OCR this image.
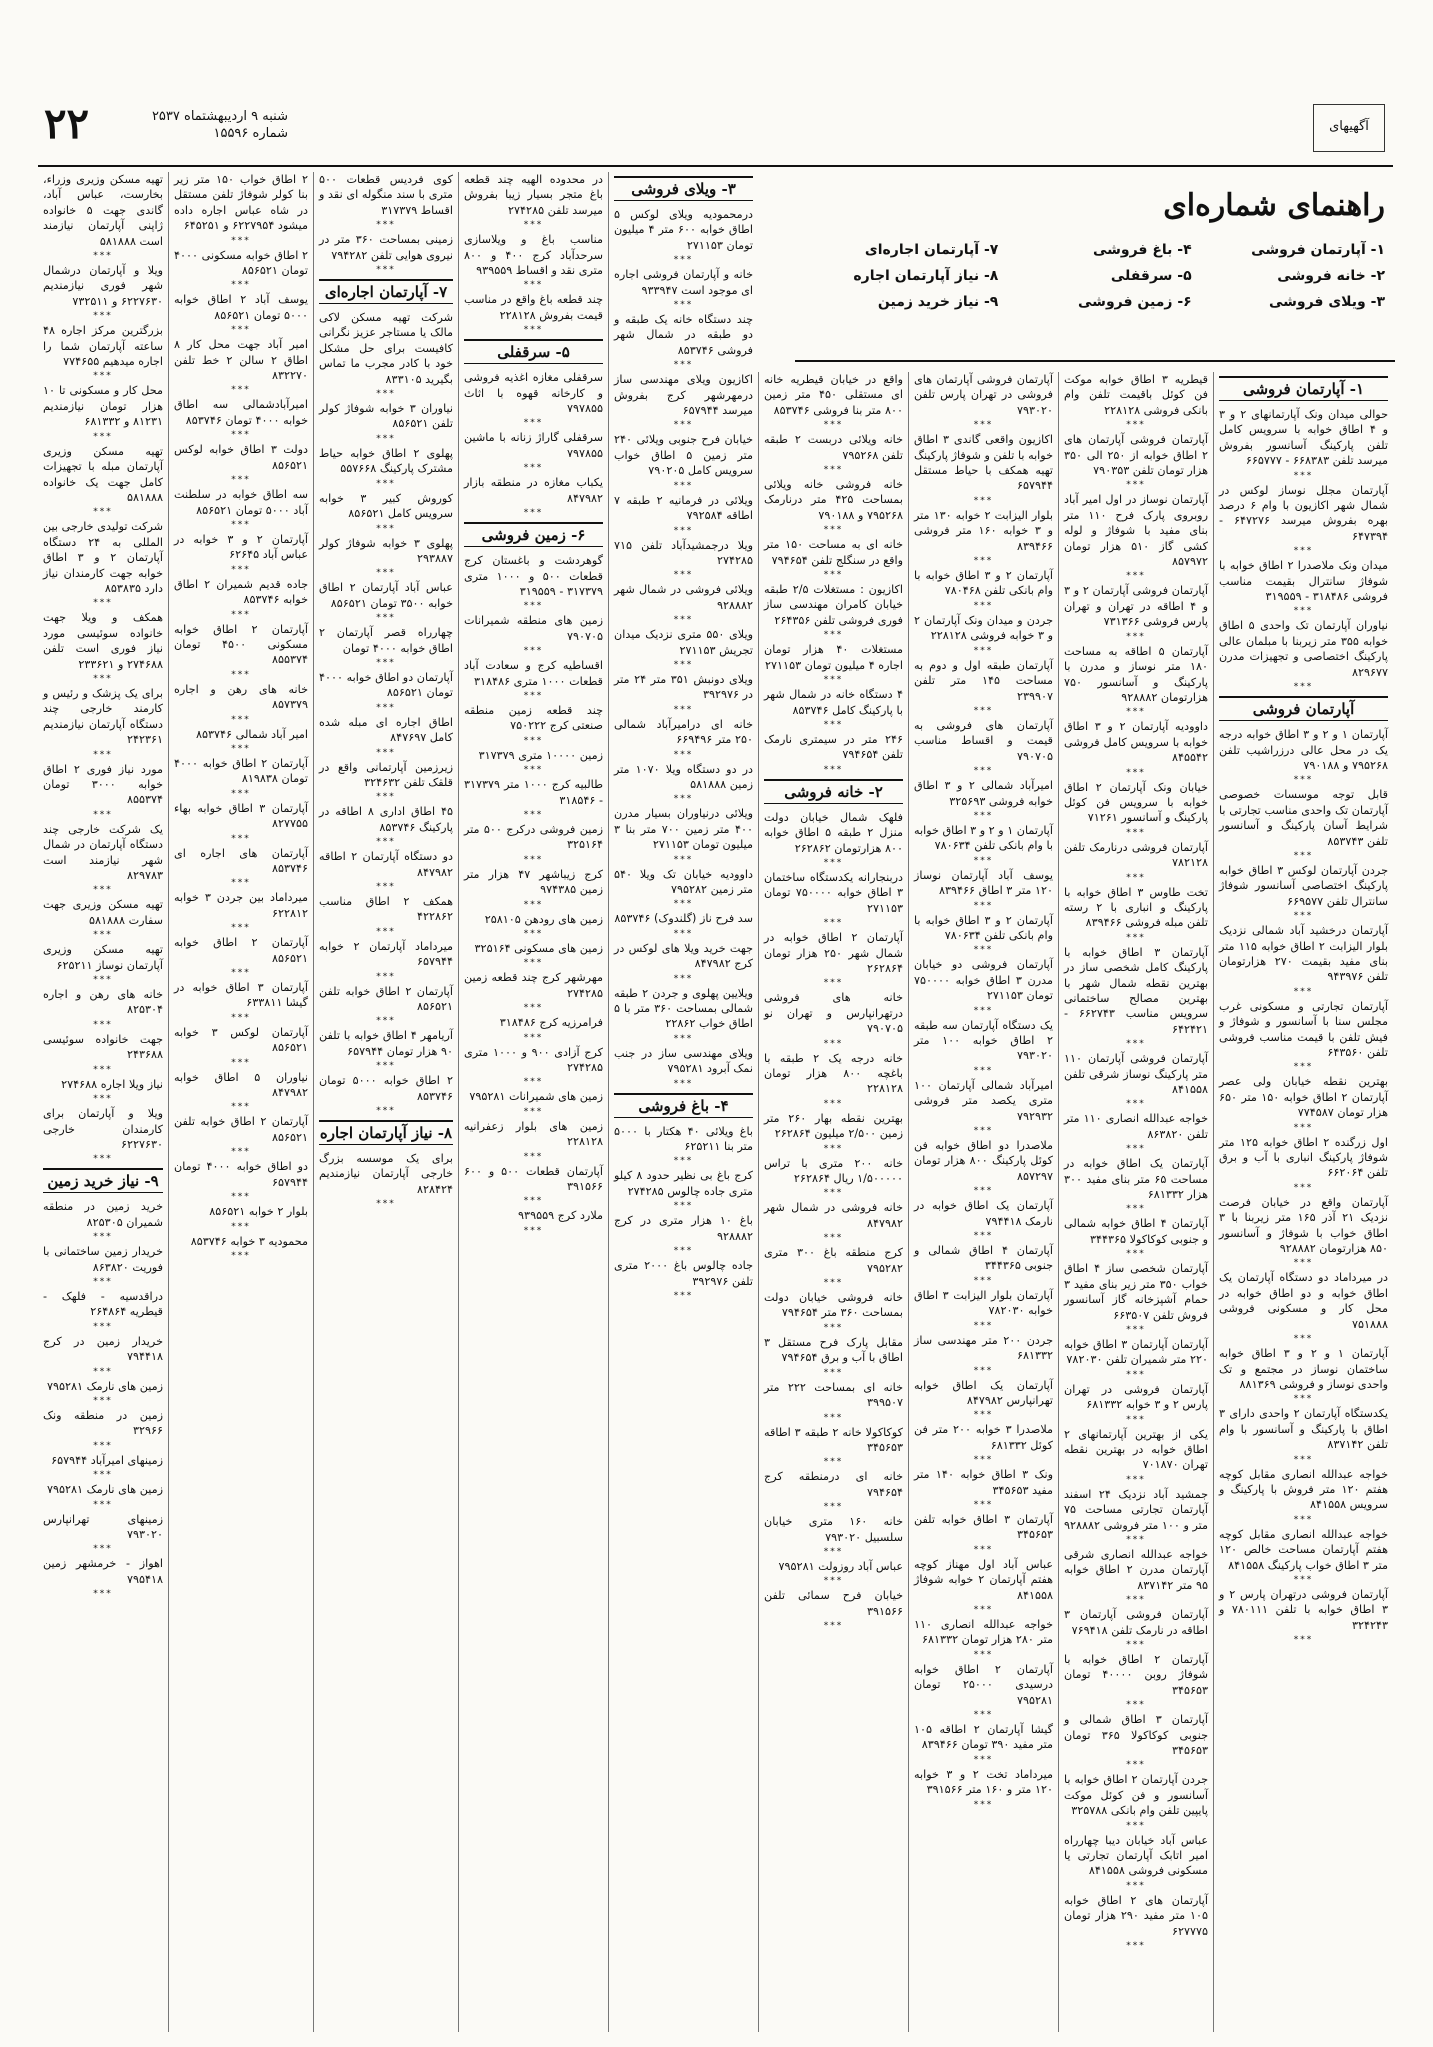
آگهیهای
۲۲	شنبه ۹ اردیبهشتماه ۲۵۳۷
شماره ۱۵۵۹۶
۱- آپارتمان فروشی
حوالی میدان ونک آپارتمانهای ۲ و ۳ و ۴ اطاق خوابه با سرویس کامل تلفن پارکینگ آسانسور بفروش میرسد تلفن ۶۶۸۳۸۳ - ۶۶۵۷۷۷
***
آپارتمان مجلل نوساز لوکس در شمال شهر اکازیون با وام ۶ درصد بهره بفروش میرسد ۶۴۷۲۷۶ - ۶۴۷۳۹۴
***
میدان ونک ملاصدرا ۲ اطاق خوابه با شوفاژ سانترال بقیمت مناسب فروشی ۳۱۸۴۸۶ - ۳۱۹۵۵۹
***
نیاوران آپارتمان تک واحدی ۵ اطاق خوابه ۳۵۵ متر زیربنا با مبلمان عالی پارکینگ اختصاصی و تجهیزات مدرن ۸۲۹۶۷۷
***
آپارتمان فروشی
آپارتمان ۱ و ۲ و ۳ اطاق خوابه درجه یک در محل عالی درزراشیب تلفن ۷۹۵۲۶۸ و ۷۹۰۱۸۸
***
قابل توجه موسسات خصوصی آپارتمان تک واحدی مناسب تجارتی با شرایط آسان پارکینگ و آسانسور تلفن ۸۵۳۷۴۳
***
جردن آپارتمان لوکس ۳ اطاق خوابه پارکینگ اختصاصی آسانسور شوفاژ سانترال تلفن ۶۶۹۵۷۷
***
آپارتمان درخشید آباد شمالی نزدیک بلوار الیزابت ۲ اطاق خوابه ۱۱۵ متر بنای مفید بقیمت ۲۷۰ هزارتومان تلفن ۹۴۳۹۷۶
***
آپارتمان تجارتی و مسکونی غرب مجلس سنا با آسانسور و شوفاژ و فیش تلفن با قیمت مناسب فروشی تلفن ۶۴۳۵۶۰
***
بهترین نقطه خیابان ولی عصر آپارتمان ۲ اطاق خوابه ۱۵۰ متر ۶۵۰ هزار تومان ۷۷۴۵۸۷
***
اول زرگنده ۲ اطاق خوابه ۱۲۵ متر شوفاژ پارکینگ انباری با آب و برق تلفن ۶۶۲۰۶۴
***
آپارتمان واقع در خیابان فرصت نزدیک ۲۱ آذر ۱۶۵ متر زیربنا با ۳ اطاق خواب با شوفاژ و آسانسور ۸۵۰ هزارتومان ۹۲۸۸۸۲
***
در میرداماد دو دستگاه آپارتمان یک اطاق خوابه و دو اطاق خوابه در محل کار و مسکونی فروشی ۷۵۱۸۸۸
***
آپارتمان ۱ و ۲ و ۳ اطاق خوابه ساختمان نوساز در مجتمع و تک واحدی نوساز و فروشی ۸۸۱۳۶۹
***
یکدستگاه آپارتمان ۲ واحدی دارای ۳ اطاق با پارکینگ و آسانسور با وام تلفن ۸۳۷۱۴۲
***
خواجه عبدالله انصاری مقابل کوچه هفتم ۱۲۰ متر فروش با پارکینگ و سرویس ۸۴۱۵۵۸
***
خواجه عبدالله انصاری مقابل کوچه هفتم آپارتمان مساحت خالص ۱۲۰ متر ۳ اطاق خواب پارکینگ ۸۴۱۵۵۸
***
آپارتمان فروشی درتهران پارس ۲ و ۳ اطاق خوابه با تلفن ۷۸۰۱۱۱ و ۳۲۴۲۴۳
***
قیطریه ۳ اطاق خوابه موکت فن کوئل باقیمت تلفن وام بانکی فروشی ۲۲۸۱۲۸
***
آپارتمان فروشی آپارتمان های ۲ اطاق خوابه از ۲۵۰ الی ۳۵۰ هزار تومان تلفن ۷۹۰۳۵۳
***
آپارتمان نوساز در اول امیر آباد روبروی پارک فرح ۱۱۰ متر بنای مفید با شوفاژ و لوله کشی گاز ۵۱۰ هزار تومان ۸۵۷۹۷۲
***
آپارتمان فروشی آپارتمان ۲ و ۳ و ۴ اطاقه در تهران و تهران پارس فروشی ۷۳۱۳۶۶
***
آپارتمان ۵ اطاقه به مساحت ۱۸۰ متر نوساز و مدرن با پارکینگ و آسانسور ۷۵۰ هزارتومان ۹۲۸۸۸۲
***
داوودیه آپارتمان ۲ و ۳ اطاق خوابه با سرویس کامل فروشی ۸۴۵۵۴۲
***
خیابان ونک آپارتمان ۲ اطاق خوابه با سرویس فن کوئل پارکینگ و آسانسور ۷۱۲۶۱
***
آپارتمان فروشی درنارمک تلفن ۷۸۲۱۲۸
***
تخت طاوس ۳ اطاق خوابه با پارکینگ و انباری با ۲ رسته تلفن مبله فروشی ۸۳۹۴۶۶
***
آپارتمان ۳ اطاق خوابه با پارکینگ کامل شخصی ساز در بهترین نقطه شمال شهر با بهترین مصالح ساختمانی سرویس مناسب ۶۶۲۷۴۳ - ۶۴۲۴۲۱
***
آپارتمان فروشی آپارتمان ۱۱۰ متر پارکینگ نوساز شرقی تلفن ۸۴۱۵۵۸
***
خواجه عبدالله انصاری ۱۱۰ متر تلفن ۸۶۳۸۲۰
***
آپارتمان یک اطاق خوابه در مساحت ۶۵ متر بنای مفید ۳۰۰ هزار ۶۸۱۳۳۲
***
آپارتمان ۴ اطاق خوابه شمالی و جنوبی کوکاکولا ۳۴۴۳۶۵
***
آپارتمان شخصی ساز ۴ اطاق خواب ۳۵۰ متر زیر بنای مفید ۳ حمام آشپزخانه گاز آسانسور فروش تلفن ۶۶۳۵۰۷
***
آپارتمان آپارتمان ۳ اطاق خوابه ۲۲۰ متر شمیران تلفن ۷۸۲۰۳۰
***
آپارتمان فروشی در تهران پارس ۲ و ۳ خوابه ۶۸۱۳۳۲
***
یکی از بهترین آپارتمانهای ۲ اطاق خوابه در بهترین نقطه تهران ۷۰۱۸۷۰
***
جمشید آباد نزدیک ۲۴ اسفند آپارتمان تجارتی مساحت ۷۵ متر و ۱۰۰ متر فروشی ۹۲۸۸۸۲
***
خواجه عبدالله انصاری شرقی آپارتمان مدرن ۲ اطاق خوابه ۹۵ متر ۸۳۷۱۴۲
***
آپارتمان فروشی آپارتمان ۳ اطاقه در نارمک تلفن ۷۶۹۴۱۸
***
آپارتمان ۲ اطاق خوابه با شوفاژ روبن ۴۰۰۰۰ تومان ۳۴۵۶۵۳
***
آپارتمان ۳ اطاق شمالی و جنوبی کوکاکولا ۳۶۵ تومان ۳۴۵۶۵۳
***
جردن آپارتمان ۲ اطاق خوابه با آسانسور و فن کوئل موکت پایپین تلفن وام بانکی ۳۲۵۷۸۸
***
عباس آباد خیابان دیبا چهارراه امیر اتابک آپارتمان تجارتی یا مسکونی فروشی ۸۴۱۵۵۸
***
آپارتمان های ۲ اطاق خوابه ۱۰۵ متر مفید ۲۹۰ هزار تومان ۶۲۷۷۷۵
***
آپارتمان فروشی آپارتمان های فروشی در تهران پارس تلفن ۷۹۳۰۲۰
***
اکازیون واقعی گاندی ۳ اطاق خوابه با تلفن و شوفاژ پارکینگ تهیه همکف با حیاط مستقل ۶۵۷۹۴۴
***
بلوار الیزابت ۲ خوابه ۱۳۰ متر و ۳ خوابه ۱۶۰ متر فروشی ۸۳۹۴۶۶
***
آپارتمان ۲ و ۳ اطاق خوابه با وام بانکی تلفن ۷۸۰۴۶۸
***
جردن و میدان ونک آپارتمان ۲ و ۳ خوابه فروشی ۲۲۸۱۲۸
***
آپارتمان طبقه اول و دوم به مساحت ۱۴۵ متر تلفن ۲۳۹۹۰۷
***
آپارتمان های فروشی به قیمت و اقساط مناسب ۷۹۰۷۰۵
***
امیرآباد شمالی ۲ و ۳ اطاق خوابه فروشی ۳۲۵۶۹۳
***
آپارتمان ۱ و ۲ و ۳ اطاق خوابه با وام بانکی تلفن ۷۸۰۶۳۴
***
یوسف آباد آپارتمان نوساز ۱۲۰ متر ۳ اطاق ۸۳۹۴۶۶
***
آپارتمان ۲ و ۳ اطاق خوابه با وام بانکی تلفن ۷۸۰۶۳۴
***
آپارتمان فروشی دو خیابان مدرن ۳ اطاق خوابه ۷۵۰۰۰۰ تومان ۲۷۱۱۵۳
***
یک دستگاه آپارتمان سه طبقه ۲ اطاق خوابه ۱۰۰ متر ۷۹۳۰۲۰
***
امیرآباد شمالی آپارتمان ۱۰۰ متری یکصد متر فروشی ۷۹۲۹۳۲
***
ملاصدرا دو اطاق خوابه فن کوئل پارکینگ ۸۰۰ هزار تومان ۸۵۷۲۹۷
***
آپارتمان یک اطاق خوابه در نارمک ۷۹۴۴۱۸
***
آپارتمان ۴ اطاق شمالی و جنوبی ۳۴۴۳۶۵
***
آپارتمان بلوار الیزابت ۳ اطاق خوابه ۷۸۲۰۳۰
***
جردن ۲۰۰ متر مهندسی ساز ۶۸۱۳۳۲
***
آپارتمان یک اطاق خوابه تهرانپارس ۸۴۷۹۸۲
***
ملاصدرا ۳ خوابه ۲۰۰ متر فن کوئل ۶۸۱۳۳۲
***
ونک ۳ اطاق خوابه ۱۴۰ متر مفید ۳۴۵۶۵۳
***
آپارتمان ۳ اطاق خوابه تلفن ۳۴۵۶۵۳
***
عباس آباد اول مهناز کوچه هفتم آپارتمان ۲ خوابه شوفاژ ۸۴۱۵۵۸
***
خواجه عبدالله انصاری ۱۱۰ متر ۲۸۰ هزار تومان ۶۸۱۳۳۲
***
آپارتمان ۲ اطاق خوابه درسیدی ۲۵۰۰۰ تومان ۷۹۵۲۸۱
***
گیشا آپارتمان ۲ اطاقه ۱۰۵ متر مفید ۳۹۰ تومان ۸۳۹۴۶۶
***
میرداماد تخت ۲ و ۳ خوابه ۱۲۰ متر و ۱۶۰ متر ۳۹۱۵۶۶
***
واقع در خیابان قیطریه خانه ای مستقلی ۴۵۰ متر زمین ۸۰۰ متر بنا فروشی ۸۵۳۷۴۶
***
خانه ویلائی دربست ۲ طبقه تلفن ۷۹۵۲۶۸
***
خانه فروشی خانه ویلائی بمساحت ۴۲۵ متر درنارمک ۷۹۵۲۶۸ و ۷۹۰۱۸۸
***
خانه ای به مساحت ۱۵۰ متر واقع در سنگلج تلفن ۷۹۴۶۵۴
***
اکازیون : مستغلات ۲/۵ طبقه خیابان کامران مهندسی ساز فوری فروشی تلفن ۲۶۴۳۵۶
***
مستغلات ۴۰ هزار تومان اجاره ۴ میلیون تومان ۲۷۱۱۵۳
***
۴ دستگاه خانه در شمال شهر با پارکینگ کامل ۸۵۳۷۴۶
***
۲۴۶ متر در سیمتری نارمک تلفن ۷۹۴۶۵۴
***
۲- خانه فروشی
فلهک شمال خیابان دولت منزل ۲ طبقه ۵ اطاق خوابه ۸۰۰ هزارتومان ۲۶۲۸۶۲
***
دربنجارانه یکدستگاه ساختمان ۳ اطاق خوابه ۷۵۰۰۰۰ تومان ۲۷۱۱۵۳
***
آپارتمان ۲ اطاق خوابه در شمال شهر ۲۵۰ هزار تومان ۲۶۲۸۶۴
***
خانه های فروشی درتهرانپارس و تهران نو ۷۹۰۷۰۵
***
خانه درجه یک ۲ طبقه با باغچه ۸۰۰ هزار تومان ۲۲۸۱۲۸
***
بهترین نقطه بهار ۲۶۰ متر زمین ۲/۵۰۰ میلیون ۲۶۲۸۶۴
***
خانه ۲۰۰ متری با تراس ۱/۵۰۰۰۰۰ ریال ۲۶۲۸۶۴
***
خانه فروشی در شمال شهر ۸۴۷۹۸۲
***
کرج منطقه باغ ۳۰۰ متری ۷۹۵۲۸۲
***
خانه فروشی خیابان دولت بمساحت ۳۶۰ متر ۷۹۴۶۵۴
***
مقابل پارک فرح مستقل ۳ اطاق با آب و برق ۷۹۴۶۵۴
***
خانه ای بمساحت ۲۲۲ متر ۳۹۹۵۰۷
***
کوکاکولا خانه ۲ طبقه ۳ اطاقه ۳۴۵۶۵۳
***
خانه ای درمنطقه کرج ۷۹۴۶۵۴
***
خانه ۱۶۰ متری خیابان سلسبیل ۷۹۳۰۲۰
***
عباس آباد روزولت ۷۹۵۲۸۱
***
خیابان فرح سمائی تلفن ۳۹۱۵۶۶
***
۳- ویلای فروشی
درمحمودیه ویلای لوکس ۵ اطاق خوابه ۶۰۰ متر ۴ میلیون تومان ۲۷۱۱۵۳
***
خانه و آپارتمان فروشی اجاره ای موجود است ۹۳۳۹۴۷
***
چند دستگاه خانه یک طبقه و دو طبقه در شمال شهر فروشی ۸۵۳۷۴۶
***
اکازیون ویلای مهندسی ساز درمهرشهر کرج بفروش میرسد ۶۵۷۹۴۴
***
خیابان فرح جنوبی ویلائی ۲۴۰ متر زمین ۵ اطاق خواب سرویس کامل ۷۹۰۲۰۵
***
ویلائی در فرمانیه ۲ طبقه ۷ اطاقه ۷۹۲۵۸۴
***
ویلا درجمشیدآباد تلفن ۷۱۵ ۲۷۴۲۸۵
***
ویلائی فروشی در شمال شهر ۹۲۸۸۸۲
***
ویلای ۵۵۰ متری نزدیک میدان تجریش ۲۷۱۱۵۳
***
ویلای دونبش ۳۵۱ متر ۲۴ متر در ۳۹۲۹۷۶
***
خانه ای درامیرآباد شمالی ۲۵۰ متر ۶۶۹۴۹۶
***
در دو دستگاه ویلا ۱۰۷۰ متر زمین ۵۸۱۸۸۸
***
ویلائی درنیاوران بسیار مدرن ۴۰۰ متر زمین ۷۰۰ متر بنا ۳ میلیون تومان ۲۷۱۱۵۳
***
داوودیه خیابان تک ویلا ۵۴۰ متر زمین ۷۹۵۲۸۲
***
سد فرح ناز (گلندوک) ۸۵۳۷۴۶
***
جهت خرید ویلا های لوکس در کرج ۸۴۷۹۸۲
***
ویلایین پهلوی و جردن ۲ طبقه شمالی بمساحت ۳۶۰ متر با ۵ اطاق خواب ۲۲۸۶۲
***
ویلای مهندسی ساز در جنب نمک آبرود ۷۹۵۲۸۱
***
۴- باغ فروشی
باغ ویلائی ۴۰ هکتار با ۵۰۰۰ متر بنا ۶۲۵۲۱۱
***
کرج باغ بی نظیر حدود ۸ کیلو متری جاده چالوس ۲۷۴۲۸۵
***
باغ ۱۰ هزار متری در کرج ۹۲۸۸۸۲
***
جاده چالوس باغ ۲۰۰۰ متری تلفن ۳۹۲۹۷۶
***
در محدوده الهیه چند قطعه باغ متجر بسیار زیبا بفروش میرسد تلفن ۲۷۴۲۸۵
***
مناسب باغ و ویلاسازی سرحدآباد کرج ۴۰۰ و ۸۰۰ متری نقد و اقساط ۹۳۹۵۵۹
***
چند قطعه باغ واقع در مناسب قیمت بفروش ۲۲۸۱۲۸
***
۵- سرقفلی
سرقفلی مغازه اغذیه فروشی و کارخانه قهوه با اثاث ۷۹۷۸۵۵
***
سرقفلی گاراژ زنانه با ماشین ۷۹۷۸۵۵
***
یکباب مغازه در منطقه بازار ۸۴۷۹۸۲
***
۶- زمین فروشی
گوهردشت و باغستان کرج قطعات ۵۰۰ و ۱۰۰۰ متری ۳۱۷۳۷۹ - ۳۱۹۵۵۹
***
زمین های منطقه شمیرانات ۷۹۰۷۰۵
***
اقساطیه کرج و سعادت آباد قطعات ۱۰۰۰ متری ۳۱۸۴۸۶
***
چند قطعه زمین منطقه صنعتی کرج ۷۵۰۲۲۲
***
زمین ۱۰۰۰۰ متری ۳۱۷۳۷۹
***
طالبیه کرج ۱۰۰۰ متر ۳۱۷۳۷۹ - ۳۱۸۵۴۶
***
زمین فروشی درکرج ۵۰۰ متر ۳۲۵۱۶۴
***
کرج زیباشهر ۴۷ هزار متر زمین ۹۷۴۳۸۵
***
زمین های رودهن ۲۵۸۱۰۵
***
زمین های مسکونی ۳۲۵۱۶۴
***
مهرشهر کرج چند قطعه زمین ۲۷۴۲۸۵
***
فرامرزیه کرج ۳۱۸۴۸۶
***
کرج آزادی ۹۰۰ و ۱۰۰۰ متری ۲۷۴۲۸۵
***
زمین های شمیرانات ۷۹۵۲۸۱
***
زمین های بلوار زعفرانیه ۲۲۸۱۲۸
***
آپارتمان قطعات ۵۰۰ و ۶۰۰ ۳۹۱۵۶۶
***
ملارد کرج ۹۳۹۵۵۹
***
کوی فردیس قطعات ۵۰۰ متری با سند منگوله ای نقد و اقساط ۳۱۷۳۷۹
***
زمینی بمساحت ۳۶۰ متر در نیروی هوایی تلفن ۷۹۴۲۸۲
***
۷- آپارتمان اجاره‌ای
شرکت تهیه مسکن لاکی مالک یا مستاجر عزیز نگرانی کافیست برای حل مشکل خود با کادر مجرب ما تماس بگیرید ۸۳۳۱۰۵
***
نیاوران ۳ خوابه شوفاژ کولر تلفن ۸۵۶۵۲۱
***
پهلوی ۲ اطاق خوابه حیاط مشترک پارکینگ ۵۵۷۶۶۸
***
کوروش کبیر ۳ خوابه سرویس کامل ۸۵۶۵۲۱
***
پهلوی ۳ خوابه شوفاژ کولر ۲۹۳۸۸۷
***
عباس آباد آپارتمان ۲ اطاق خوابه ۳۵۰۰ تومان ۸۵۶۵۲۱
***
چهارراه قصر آپارتمان ۲ اطاق خوابه ۴۰۰۰ تومان
***
آپارتمان دو اطاق خوابه ۴۰۰۰ تومان ۸۵۶۵۲۱
***
اطاق اجاره ای مبله شده کامل ۸۴۷۶۹۷
***
زیرزمین آپارتمانی واقع در قلقک تلفن ۳۲۴۶۳۲
***
۴۵ اطاق اداری ۸ اطاقه در پارکینگ ۸۵۳۷۴۶
***
دو دستگاه آپارتمان ۲ اطاقه ۸۴۷۹۸۲
***
همکف ۲ اطاق مناسب ۴۲۲۸۶۲
***
میرداماد آپارتمان ۲ خوابه ۶۵۷۹۴۴
***
آپارتمان ۲ اطاق خوابه تلفن ۸۵۶۵۲۱
***
آریامهر ۴ اطاق خوابه با تلفن ۹۰ هزار تومان ۶۵۷۹۴۴
***
۲ اطاق خوابه ۵۰۰۰ تومان ۸۵۳۷۴۶
***
۸- نیاز آپارتمان اجاره
برای یک موسسه بزرگ خارجی آپارتمان نیازمندیم ۸۲۸۴۲۴
***
۲ اطاق خواب ۱۵۰ متر زیر بنا کولر شوفاژ تلفن مستقل در شاه عباس اجاره داده میشود ۶۲۲۷۹۵۴ و ۶۴۵۲۵۱
***
۲ اطاق خوابه مسکونی ۴۰۰۰ تومان ۸۵۶۵۲۱
***
یوسف آباد ۲ اطاق خوابه ۵۰۰۰ تومان ۸۵۶۵۲۱
***
امیر آباد جهت محل کار ۸ اطاق ۲ سالن ۲ خط تلفن ۸۳۲۲۷۰
***
امیرآبادشمالی سه اطاق خوابه ۴۰۰۰ تومان ۸۵۳۷۴۶
***
دولت ۳ اطاق خوابه لوکس ۸۵۶۵۲۱
***
سه اطاق خوابه در سلطنت آباد ۵۰۰۰ تومان ۸۵۶۵۲۱
***
آپارتمان ۲ و ۳ خوابه در عباس آباد ۶۲۶۴۵
***
جاده قدیم شمیران ۲ اطاق خوابه ۸۵۳۷۴۶
***
آپارتمان ۲ اطاق خوابه مسکونی ۴۵۰۰ تومان ۸۵۵۳۷۴
***
خانه های رهن و اجاره ۸۵۷۳۷۹
***
امیر آباد شمالی ۸۵۳۷۴۶
***
آپارتمان ۲ اطاق خوابه ۴۰۰۰ تومان ۸۱۹۸۳۸
***
آپارتمان ۳ اطاق خوابه بهاء ۸۲۷۷۵۵
***
آپارتمان های اجاره ای ۸۵۳۷۴۶
***
میرداماد بین جردن ۳ خوابه ۶۲۲۸۱۲
***
آپارتمان ۲ اطاق خوابه ۸۵۶۵۲۱
***
آپارتمان ۳ اطاق خوابه در گیشا ۶۳۳۸۱۱
***
آپارتمان لوکس ۳ خوابه ۸۵۶۵۲۱
***
نیاوران ۵ اطاق خوابه ۸۴۷۹۸۲
***
آپارتمان ۲ اطاق خوابه تلفن ۸۵۶۵۲۱
***
دو اطاق خوابه ۴۰۰۰ تومان ۶۵۷۹۴۴
***
بلوار ۲ خوابه ۸۵۶۵۲۱
***
محمودیه ۳ خوابه ۸۵۳۷۴۶
***
تهیه مسکن وزیری وزراء، بخارست، عباس آباد، گاندی جهت ۵ خانواده ژاپنی آپارتمان نیازمند است ۵۸۱۸۸۸
***
ویلا و آپارتمان درشمال شهر فوری نیازمندیم ۶۲۲۷۶۳۰ و ۷۳۲۵۱۱
***
بزرگترین مرکز اجاره ۴۸ ساعته آپارتمان شما را اجاره میدهیم ۷۷۴۶۵۵
***
محل کار و مسکونی تا ۱۰ هزار تومان نیازمندیم ۸۱۲۳۱ و ۶۸۱۳۳۲
***
تهیه مسکن وزیری آپارتمان مبله با تجهیزات کامل جهت یک خانواده ۵۸۱۸۸۸
***
شرکت تولیدی خارجی بین المللی به ۲۴ دستگاه آپارتمان ۲ و ۳ اطاق خوابه جهت کارمندان نیاز دارد ۸۵۳۸۳۵
***
همکف و ویلا جهت خانواده سوئیسی مورد نیاز فوری است تلفن ۲۷۴۶۸۸ و ۲۳۳۶۲۱
***
برای یک پزشک و رئیس و کارمند خارجی چند دستگاه آپارتمان نیازمندیم ۲۴۲۳۶۱
***
مورد نیاز فوری ۲ اطاق خوابه ۳۰۰۰ تومان ۸۵۵۳۷۴
***
یک شرکت خارجی چند دستگاه آپارتمان در شمال شهر نیازمند است ۸۲۹۷۸۳
***
تهیه مسکن وزیری جهت سفارت ۵۸۱۸۸۸
***
تهیه مسکن وزیری آپارتمان نوساز ۶۲۵۲۱۱
***
خانه های رهن و اجاره ۸۲۵۳۰۴
***
جهت خانواده سوئیسی ۲۴۳۶۸۸
***
نیاز ویلا اجاره ۲۷۴۶۸۸
***
ویلا و آپارتمان برای کارمندان خارجی ۶۲۲۷۶۳۰
***
۹- نیاز خرید زمین
خرید زمین در منطقه شمیران ۸۲۵۳۰۵
***
خریدار زمین ساختمانی با فوریت ۸۶۳۸۲۰
***
دراقدسیه - فلهک - قیطریه ۲۶۴۸۶۴
***
خریدار زمین در کرج ۷۹۴۴۱۸
***
زمین های نارمک ۷۹۵۲۸۱
***
زمین در منطقه ونک ۳۲۹۶۶
***
زمینهای امیرآباد ۶۵۷۹۴۴
***
زمین های نارمک ۷۹۵۲۸۱
***
زمینهای تهرانپارس ۷۹۳۰۲۰
***
اهواز - خرمشهر زمین ۷۹۵۴۱۸
***
راهنمای شماره‌ای
۱- آپارتمان فروشی
۴- باغ فروشی
۷- آپارتمان اجاره‌ای
۲- خانه فروشی
۵- سرقفلی
۸- نیاز آپارتمان اجاره
۳- ویلای فروشی
۶- زمین فروشی
۹- نیاز خرید زمین
